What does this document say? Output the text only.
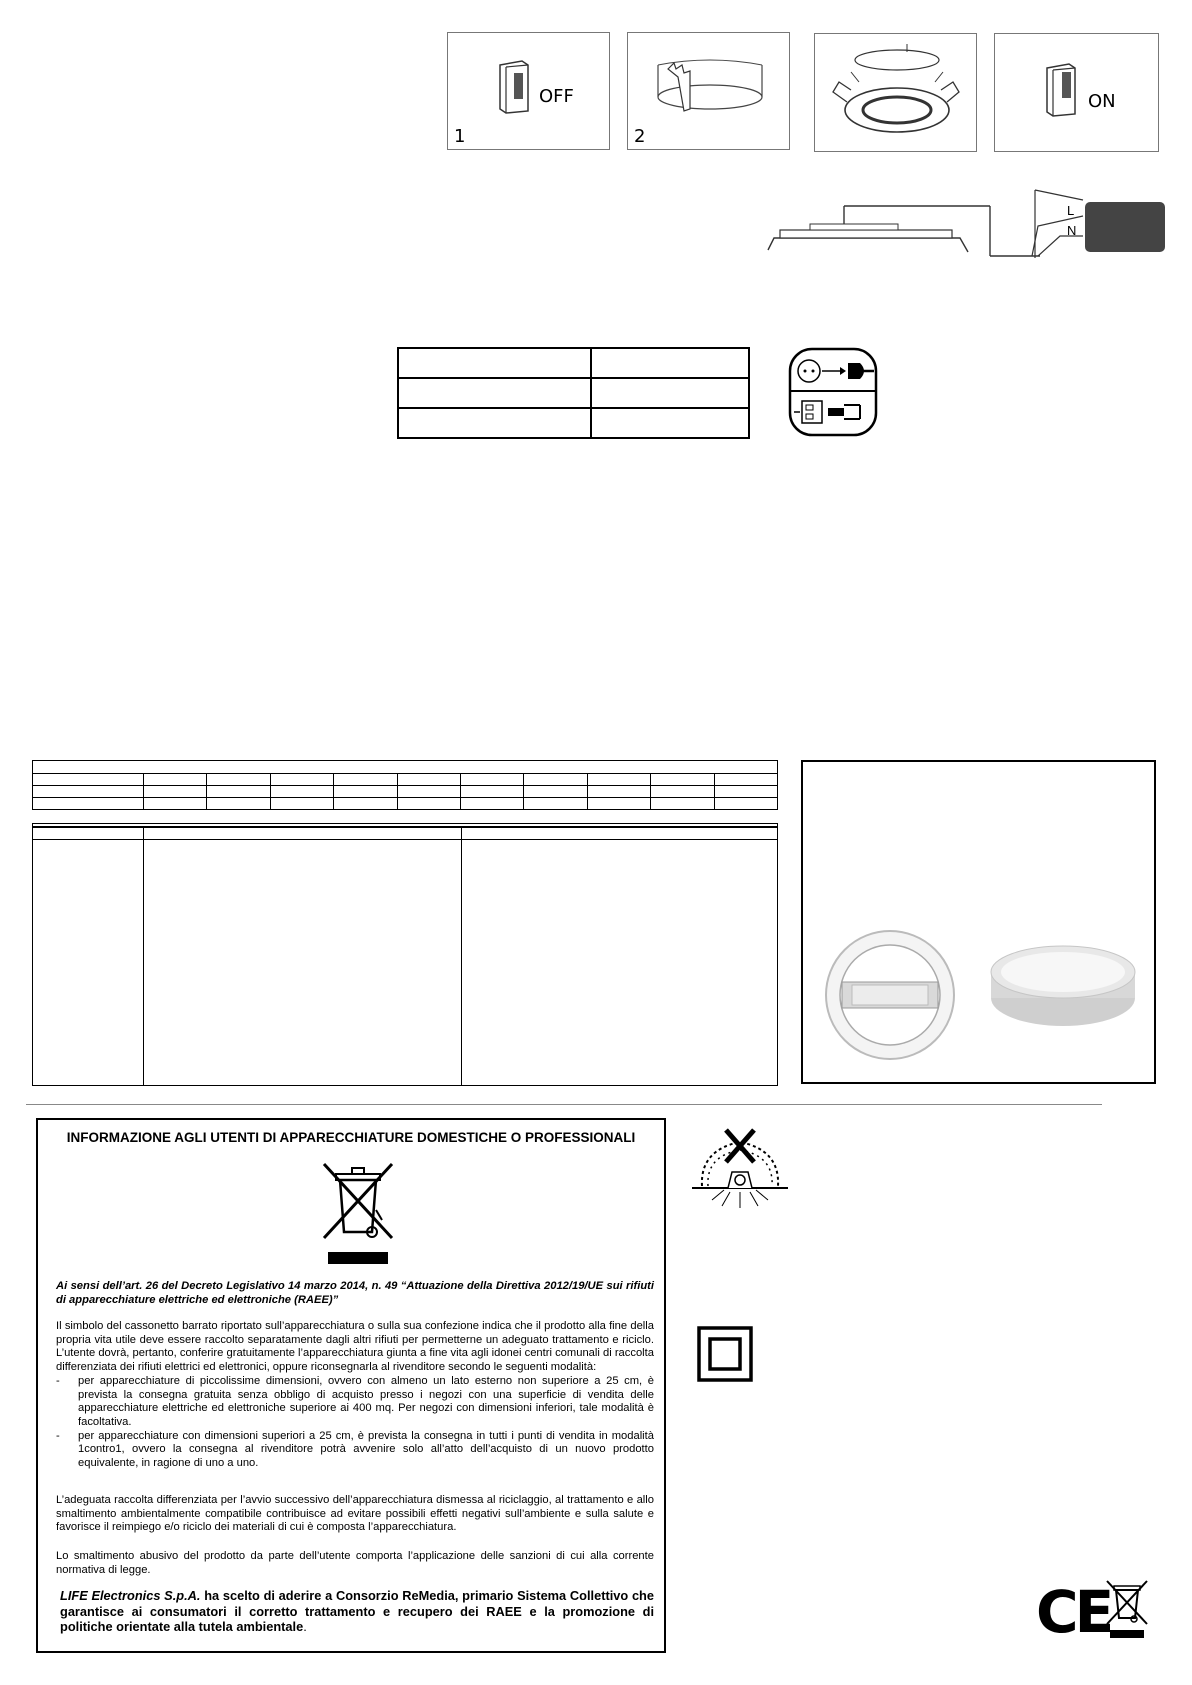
OFF
1	2
ON
L
N

INFORMAZIONE AGLI UTENTI DI APPARECCHIATURE DOMESTICHE O PROFESSIONALI

Ai sensi dell’art. 26 del Decreto Legislativo 14 marzo 2014, n. 49 “Attuazione della Direttiva 2012/19/UE sui rifiuti di apparecchiature elettriche ed elettroniche (RAEE)”

Il simbolo del cassonetto barrato riportato sull’apparecchiatura o sulla sua confezione indica che il prodotto alla fine della propria vita utile deve essere raccolto separatamente dagli altri rifiuti per permetterne un adeguato trattamento e riciclo. L’utente dovrà, pertanto, conferire gratuitamente l’apparecchiatura giunta a fine vita agli idonei centri comunali di raccolta differenziata dei rifiuti elettrici ed elettronici, oppure riconsegnarla al rivenditore secondo le seguenti modalità:

-	per apparecchiature di piccolissime dimensioni, ovvero con almeno un lato esterno non superiore a 25 cm, è prevista la consegna gratuita senza obbligo di acquisto presso i negozi con una superficie di vendita delle apparecchiature elettriche ed elettroniche superiore ai 400 mq. Per negozi con dimensioni inferiori, tale modalità è facoltativa.
-	per apparecchiature con dimensioni superiori a 25 cm, è prevista la consegna in tutti i punti di vendita in modalità 1contro1, ovvero la consegna al rivenditore potrà avvenire solo all’atto dell’acquisto di un nuovo prodotto equivalente, in ragione di uno a uno.

L’adeguata raccolta differenziata per l’avvio successivo dell’apparecchiatura dismessa al riciclaggio, al trattamento e allo smaltimento ambientalmente compatibile contribuisce ad evitare possibili effetti negativi sull’ambiente e sulla salute e favorisce il reimpiego e/o riciclo dei materiali di cui è composta l’apparecchiatura.

Lo smaltimento abusivo del prodotto da parte dell’utente comporta l’applicazione delle sanzioni di cui alla corrente normativa di legge.

LIFE Electronics S.p.A. ha scelto di aderire a Consorzio ReMedia, primario Sistema Collettivo che garantisce ai consumatori il corretto trattamento e recupero dei RAEE e la promozione di politiche orientate alla tutela ambientale.	CE
